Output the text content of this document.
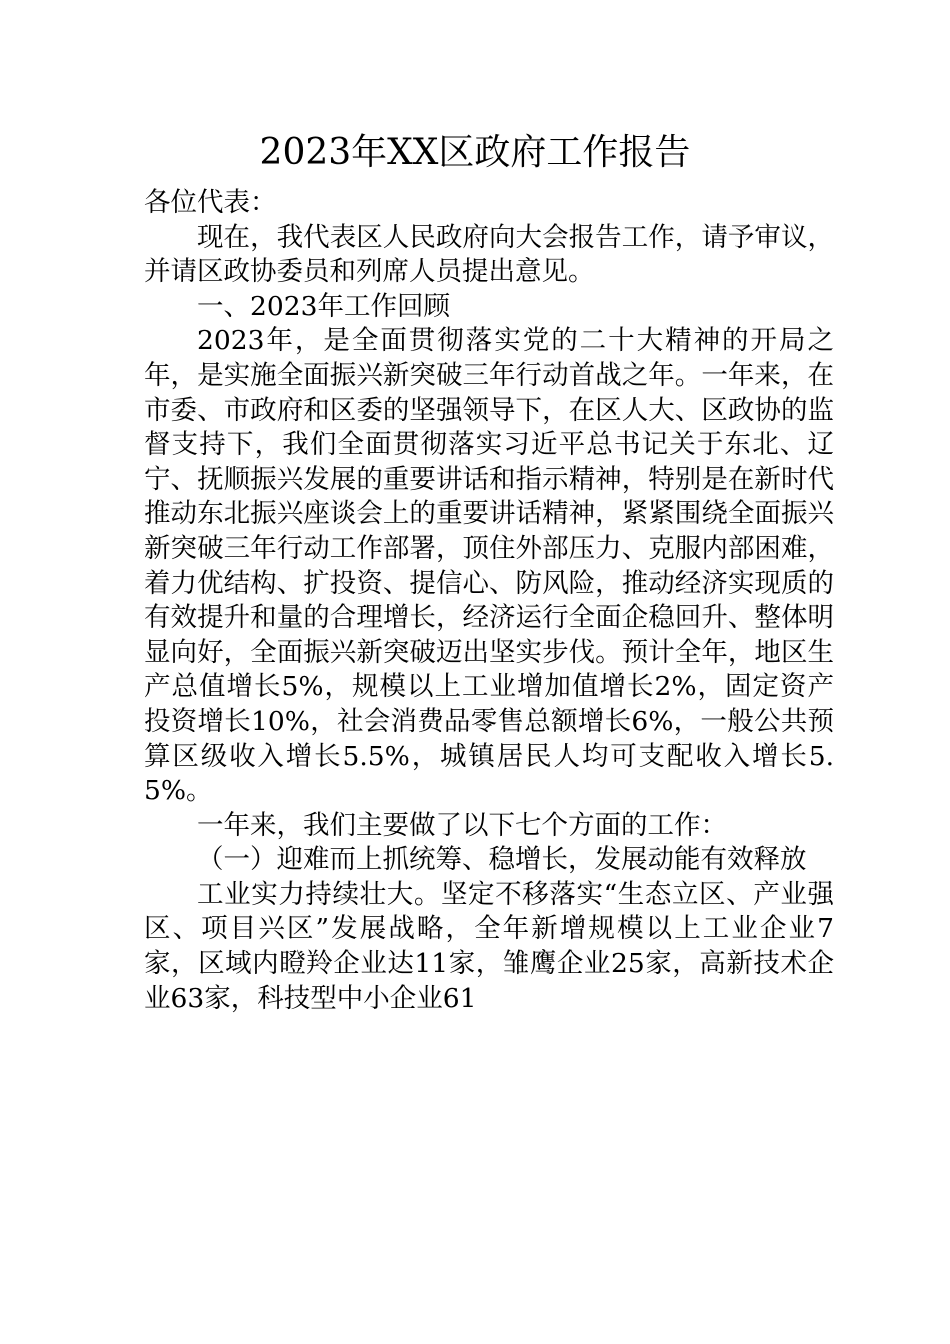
2023年XX区政府工作报告

各位代表：

现在，我代表区人民政府向大会报告工作，请予审议，并请区政协委员和列席人员提出意见。

一、2023年工作回顾

2023年，是全面贯彻落实党的二十大精神的开局之年，是实施全面振兴新突破三年行动首战之年。一年来，在市委、市政府和区委的坚强领导下，在区人大、区政协的监督支持下，我们全面贯彻落实习近平总书记关于东北、辽宁、抚顺振兴发展的重要讲话和指示精神，特别是在新时代推动东北振兴座谈会上的重要讲话精神，紧紧围绕全面振兴新突破三年行动工作部署，顶住外部压力、克服内部困难，着力优结构、扩投资、提信心、防风险，推动经济实现质的有效提升和量的合理增长，经济运行全面企稳回升、整体明显向好，全面振兴新突破迈出坚实步伐。预计全年，地区生产总值增长5%，规模以上工业增加值增长2%，固定资产投资增长10%，社会消费品零售总额增长6%，一般公共预算区级收入增长5.5%，城镇居民人均可支配收入增长5.5%。

一年来，我们主要做了以下七个方面的工作：

（一）迎难而上抓统筹、稳增长，发展动能有效释放

工业实力持续壮大。坚定不移落实“生态立区、产业强区、项目兴区”发展战略，全年新增规模以上工业企业7家，区域内瞪羚企业达11家，雏鹰企业25家，高新技术企业63家，科技型中小企业61
